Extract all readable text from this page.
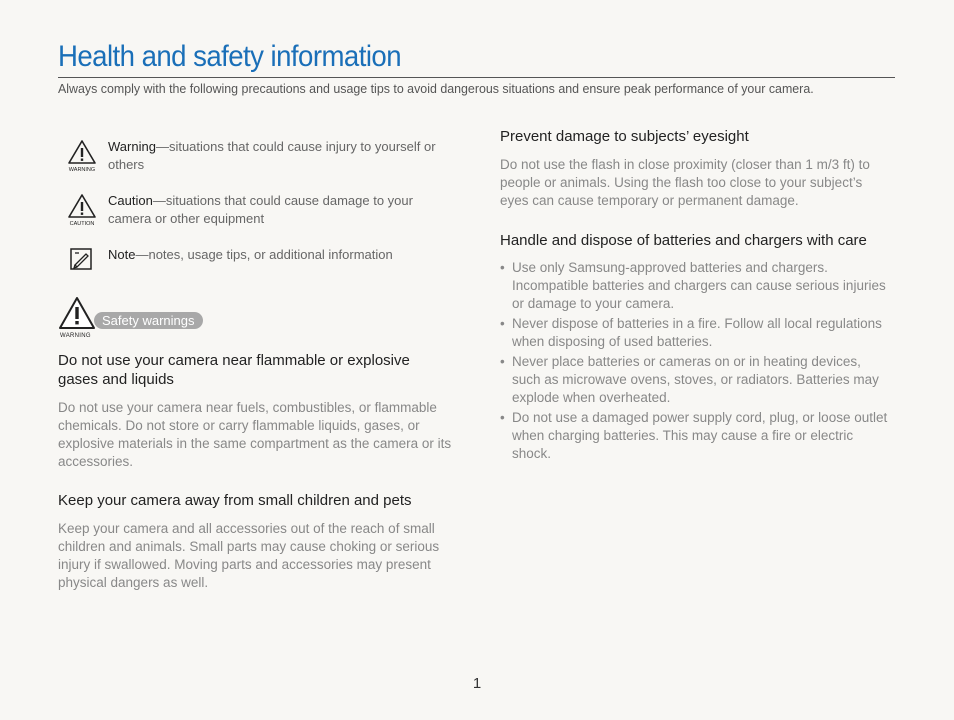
Health and safety information
Always comply with the following precautions and usage tips to avoid dangerous situations and ensure peak performance of your camera.
WARNING
Warning—situations that could cause injury to yourself or others
CAUTION
Caution—situations that could cause damage to your camera or other equipment
Note—notes, usage tips, or additional information
Safety warnings
WARNING
Do not use your camera near flammable or explosive gases and liquids

Do not use your camera near fuels, combustibles, or flammable chemicals. Do not store or carry flammable liquids, gases, or explosive materials in the same compartment as the camera or its accessories.

Keep your camera away from small children and pets

Keep your camera and all accessories out of the reach of small children and animals. Small parts may cause choking or serious injury if swallowed. Moving parts and accessories may present physical dangers as well.

Prevent damage to subjects’ eyesight

Do not use the flash in close proximity (closer than 1 m/3 ft) to people or animals. Using the flash too close to your subject’s eyes can cause temporary or permanent damage.

Handle and dispose of batteries and chargers with care
• Use only Samsung-approved batteries and chargers. Incompatible batteries and chargers can cause serious injuries or damage to your camera.
• Never dispose of batteries in a fire. Follow all local regulations when disposing of used batteries.
• Never place batteries or cameras on or in heating devices, such as microwave ovens, stoves, or radiators. Batteries may explode when overheated.
• Do not use a damaged power supply cord, plug, or loose outlet when charging batteries. This may cause a fire or electric shock.
1
